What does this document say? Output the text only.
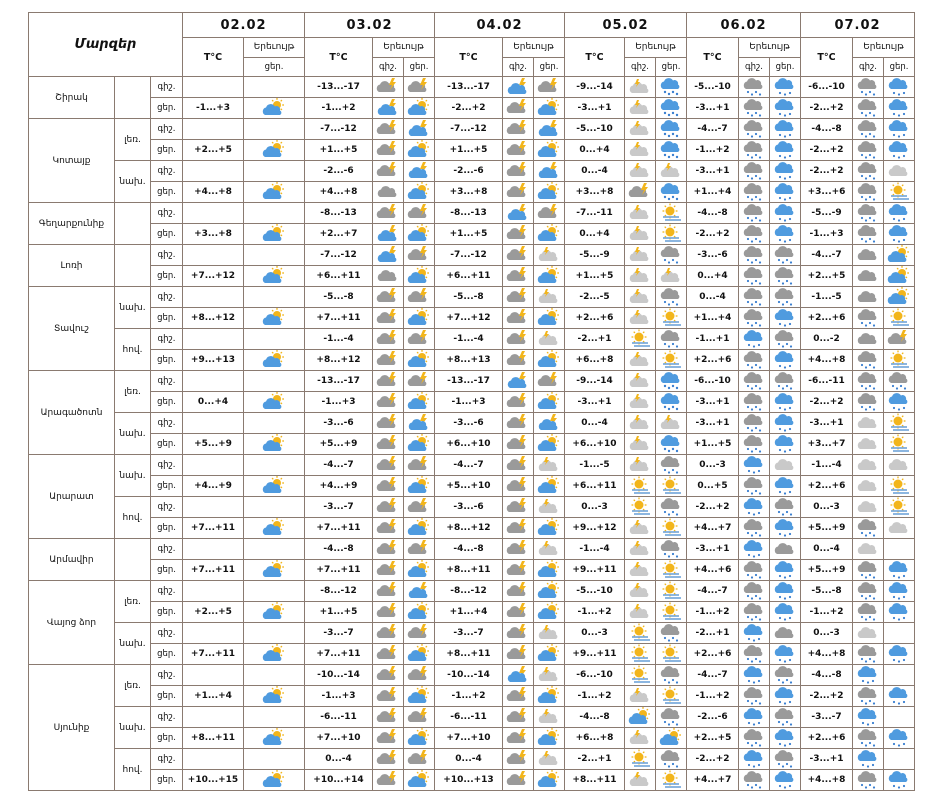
Մարզեր			02.02		03.02			04.02			05.02			06.02			07.02		
			T°C	Երեւույթ	T°C	Երեւույթ		T°C	Երեւույթ		T°C	Երեւույթ		T°C	Երեւույթ		T°C	Երեւույթ	
				ցեր.		գիշ.	ցեր.		գիշ.	ցեր.		գիշ.	ցեր.		գիշ.	ցեր.		գիշ.	ցեր.
Շիրակ		գիշ.			-13...-17			-13...-17			-9...-14			-5...-10			-6...-10	

		ցեր.	-1...+3		-1...+2			-2...+2			-3...+1			-3...+1			-2...+2	

Կոտայք	լեռ.	գիշ.			-7...-12			-7...-12			-5...-10			-4...-7			-4...-8	

		ցեր.	+2...+5		+1...+5			+1...+5			0...+4			-1...+2			-2...+2	

	նախ.	գիշ.			-2...-6			-2...-6			0...-4			-3...+1			-2...+2	

		ցեր.	+4...+8		+4...+8			+3...+8			+3...+8			+1...+4			+3...+6	

Գեղարքունիք		գիշ.			-8...-13			-8...-13			-7...-11			-4...-8			-5...-9	

		ցեր.	+3...+8		+2...+7			+1...+5			0...+4			-2...+2			-1...+3	

Լոռի		գիշ.			-7...-12			-7...-12			-5...-9			-3...-6			-4...-7	

		ցեր.	+7...+12		+6...+11			+6...+11			+1...+5			0...+4			+2...+5	

Տավուշ	նախ.	գիշ.			-5...-8			-5...-8			-2...-5			0...-4			-1...-5	

		ցեր.	+8...+12		+7...+11			+7...+12			+2...+6			+1...+4			+2...+6	

	հով.	գիշ.			-1...-4			-1...-4			-2...+1			-1...+1			0...-2	

		ցեր.	+9...+13		+8...+12			+8...+13			+6...+8			+2...+6			+4...+8	

Արագածոտն	լեռ.	գիշ.			-13...-17			-13...-17			-9...-14			-6...-10			-6...-11	

		ցեր.	0...+4		-1...+3			-1...+3			-3...+1			-3...+1			-2...+2	

	նախ.	գիշ.			-3...-6			-3...-6			0...-4			-3...+1			-3...+1	

		ցեր.	+5...+9		+5...+9			+6...+10			+6...+10			+1...+5			+3...+7	

Արարատ	նախ.	գիշ.			-4...-7			-4...-7			-1...-5			0...-3			-1...-4	

		ցեր.	+4...+9		+4...+9			+5...+10			+6...+11			0...+5			+2...+6	

	հով.	գիշ.			-3...-7			-3...-6			0...-3			-2...+2			0...-3	

		ցեր.	+7...+11		+7...+11			+8...+12			+9...+12			+4...+7			+5...+9	

Արմավիր		գիշ.			-4...-8			-4...-8			-1...-4			-3...+1			0...-4	

		ցեր.	+7...+11		+7...+11			+8...+11			+9...+11			+4...+6			+5...+9	

Վայոց ձոր	լեռ.	գիշ.			-8...-12			-8...-12			-5...-10			-4...-7			-5...-8	

		ցեր.	+2...+5		+1...+5			+1...+4			-1...+2			-1...+2			-1...+2	

	նախ.	գիշ.			-3...-7			-3...-7			0...-3			-2...+1			0...-3	

		ցեր.	+7...+11		+7...+11			+8...+11			+9...+11			+2...+6			+4...+8	

Սյունիք	լեռ.	գիշ.			-10...-14			-10...-14			-6...-10			-4...-7			-4...-8	

		ցեր.	+1...+4		-1...+3			-1...+2			-1...+2			-1...+2			-2...+2	

	նախ.	գիշ.			-6...-11			-6...-11			-4...-8			-2...-6			-3...-7	

		ցեր.	+8...+11		+7...+10			+7...+10			+6...+8			+2...+5			+2...+6	

	հով.	գիշ.			0...-4			0...-4			-2...+1			-2...+2			-3...+1	

		ցեր.	+10...+15		+10...+14			+10...+13			+8...+11			+4...+7			+4...+8	
